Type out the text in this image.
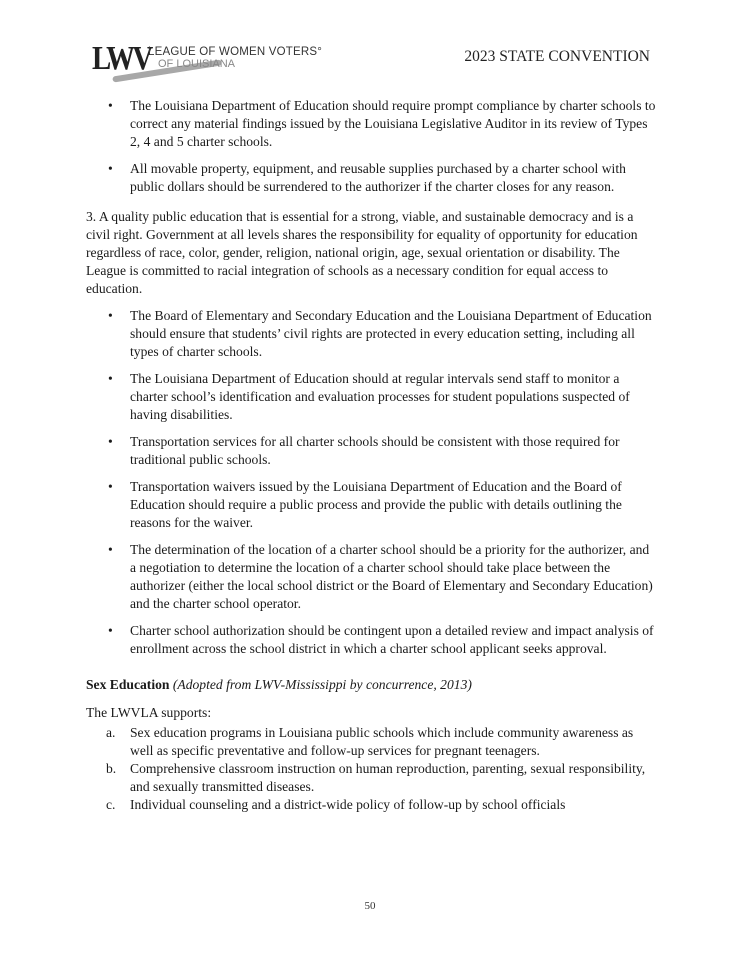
LWV
LEAGUE OF WOMEN VOTERS°
OF LOUISIANA	2023 STATE CONVENTION
• The Louisiana Department of Education should require prompt compliance by charter schools to correct any material findings issued by the Louisiana Legislative Auditor in its review of Types 2, 4 and 5 charter schools.
• All movable property, equipment, and reusable supplies purchased by a charter school with public dollars should be surrendered to the authorizer if the charter closes for any reason.

3. A quality public education that is essential for a strong, viable, and sustainable democracy and is a civil right. Government at all levels shares the responsibility for equality of opportunity for education regardless of race, color, gender, religion, national origin, age, sexual orientation or disability. The League is committed to racial integration of schools as a necessary condition for equal access to education.

• The Board of Elementary and Secondary Education and the Louisiana Department of Education should ensure that students’ civil rights are protected in every education setting, including all types of charter schools.
• The Louisiana Department of Education should at regular intervals send staff to monitor a charter school’s identification and evaluation processes for student populations suspected of having disabilities.
• Transportation services for all charter schools should be consistent with those required for traditional public schools.
• Transportation waivers issued by the Louisiana Department of Education and the Board of Education should require a public process and provide the public with details outlining the reasons for the waiver.
• The determination of the location of a charter school should be a priority for the authorizer, and a negotiation to determine the location of a charter school should take place between the authorizer (either the local school district or the Board of Elementary and Secondary Education) and the charter school operator.
• Charter school authorization should be contingent upon a detailed review and impact analysis of enrollment across the school district in which a charter school applicant seeks approval.
Sex Education (Adopted from LWV-Mississippi by concurrence, 2013)

The LWVLA supports:

a. Sex education programs in Louisiana public schools which include community awareness as well as specific preventative and follow-up services for pregnant teenagers.
b. Comprehensive classroom instruction on human reproduction, parenting, sexual responsibility, and sexually transmitted diseases.
c. Individual counseling and a district-wide policy of follow-up by school officials
50
